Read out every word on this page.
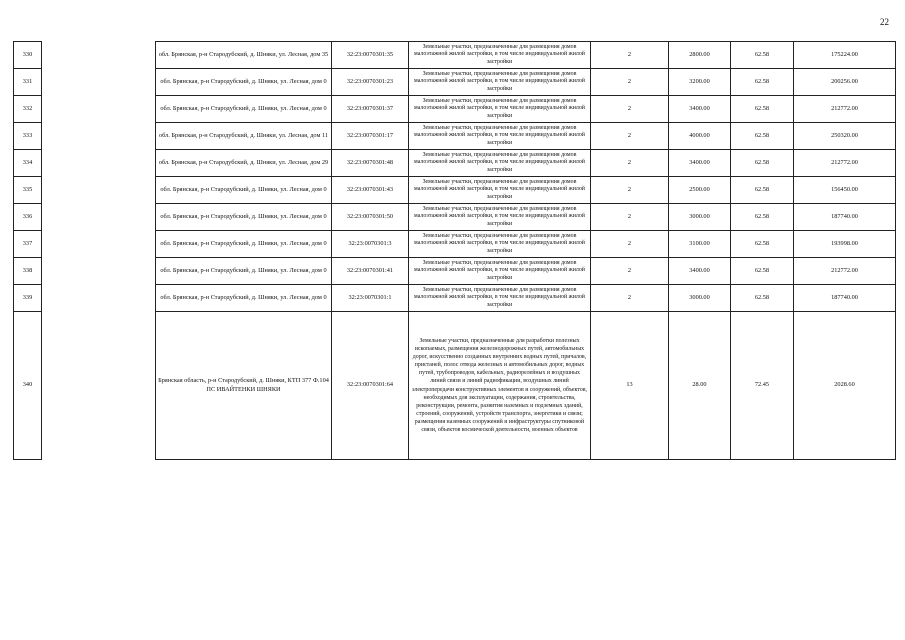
22
330		обл. Брянская, р-н Стародубский, д. Шняки, ул. Лесная, дом 35	32:23:0070301:35	Земельные участки, предназначенные для размещения домов малоэтажной жилой застройки, в том числе индивидуальной жилой застройки	2	2800.00	62.58	175224.00
331		обл. Брянская, р-н Стародубский, д. Шняки, ул. Лесная, дом 0	32:23:0070301:23	Земельные участки, предназначенные для размещения домов малоэтажной жилой застройки, в том числе индивидуальной жилой застройки	2	3200.00	62.58	200256.00
332		обл. Брянская, р-н Стародубский, д. Шняки, ул. Лесная, дом 0	32:23:0070301:37	Земельные участки, предназначенные для размещения домов малоэтажной жилой застройки, в том числе индивидуальной жилой застройки	2	3400.00	62.58	212772.00
333		обл. Брянская, р-н Стародубский, д. Шняки, ул. Лесная, дом 11	32:23:0070301:17	Земельные участки, предназначенные для размещения домов малоэтажной жилой застройки, в том числе индивидуальной жилой застройки	2	4000.00	62.58	250320.00
334		обл. Брянская, р-н Стародубский, д. Шняки, ул. Лесная, дом 29	32:23:0070301:48	Земельные участки, предназначенные для размещения домов малоэтажной жилой застройки, в том числе индивидуальной жилой застройки	2	3400.00	62.58	212772.00
335		обл. Брянская, р-н Стародубский, д. Шняки, ул. Лесная, дом 0	32:23:0070301:43	Земельные участки, предназначенные для размещения домов малоэтажной жилой застройки, в том числе индивидуальной жилой застройки	2	2500.00	62.58	156450.00
336		обл. Брянская, р-н Стародубский, д. Шняки, ул. Лесная, дом 0	32:23:0070301:50	Земельные участки, предназначенные для размещения домов малоэтажной жилой застройки, в том числе индивидуальной жилой застройки	2	3000.00	62.58	187740.00
337		обл. Брянская, р-н Стародубский, д. Шняки, ул. Лесная, дом 0	32:23:0070301:3	Земельные участки, предназначенные для размещения домов малоэтажной жилой застройки, в том числе индивидуальной жилой застройки	2	3100.00	62.58	193998.00
338		обл. Брянская, р-н Стародубский, д. Шняки, ул. Лесная, дом 0	32:23:0070301:41	Земельные участки, предназначенные для размещения домов малоэтажной жилой застройки, в том числе индивидуальной жилой застройки	2	3400.00	62.58	212772.00
339		обл. Брянская, р-н Стародубский, д. Шняки, ул. Лесная, дом 0	32:23:0070301:1	Земельные участки, предназначенные для размещения домов малоэтажной жилой застройки, в том числе индивидуальной жилой застройки	2	3000.00	62.58	187740.00
340		Брянская область, р-н Стародубский, д. Шняки, КТП 377 Ф.104 ПС ИВАЙТЕНКИ ШНЯКИ	32:23:0070301:64	Земельные участки, предназначенные для разработки полезных ископаемых, размещения железнодорожных путей, автомобильных дорог, искусственно созданных внутренних водных путей, причалов, пристаней, полос отвода железных и автомобильных дорог, водных путей, трубопроводов, кабельных, радиорелейных и воздушных линий связи и линий радиофикации, воздушных линий электропередачи конструктивных элементов и сооружений, объектов, необходимых для эксплуатации, содержания, строительства, реконструкции, ремонта, развития наземных и подземных зданий, строений, сооружений, устройств транспорта, энергетики и связи; размещения наземных сооружений и инфраструктуры спутниковой связи, объектов космической деятельности, военных объектов	13	28.00	72.45	2028.60
